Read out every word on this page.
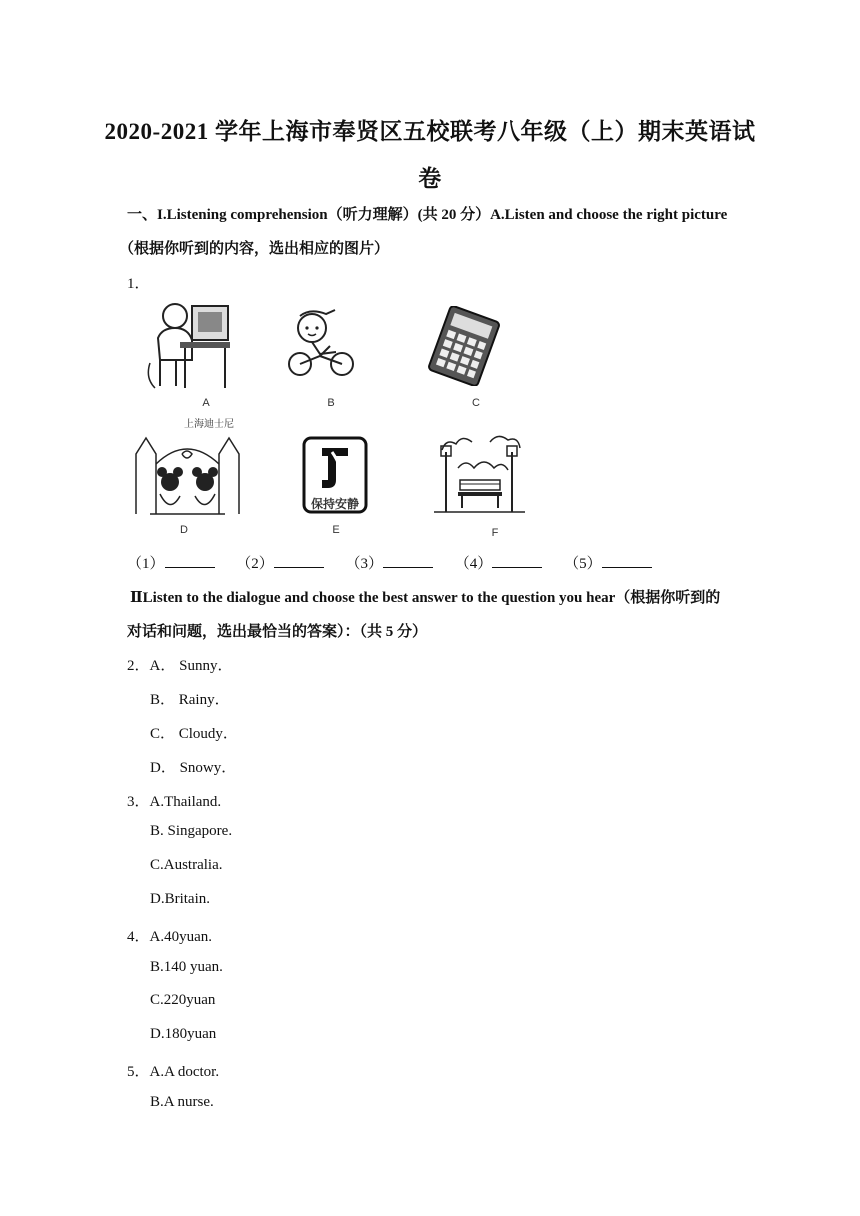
2020-2021 学年上海市奉贤区五校联考八年级（上）期末英语试
卷
一、I.Listening comprehension（听力理解）(共 20 分）A.Listen and choose the right picture
（根据你听到的内容，选出相应的图片）
1．
A	B	C
上海迪士尼
D
保持安静
E	F
（1）	（2）	（3）	（4）	（5）
ⅡListen to the dialogue and choose the best answer to the question you hear（根据你听到的
对话和问题，选出最恰当的答案）：（共 5 分）
2．A． Sunny．
B． Rainy．
C． Cloudy．
D． Snowy．
3．A.Thailand.
B. Singapore.
C.Australia.
D.Britain.
4．A.40yuan.
B.140 yuan.
C.220yuan
D.180yuan
5．A.A doctor.
B.A nurse.
